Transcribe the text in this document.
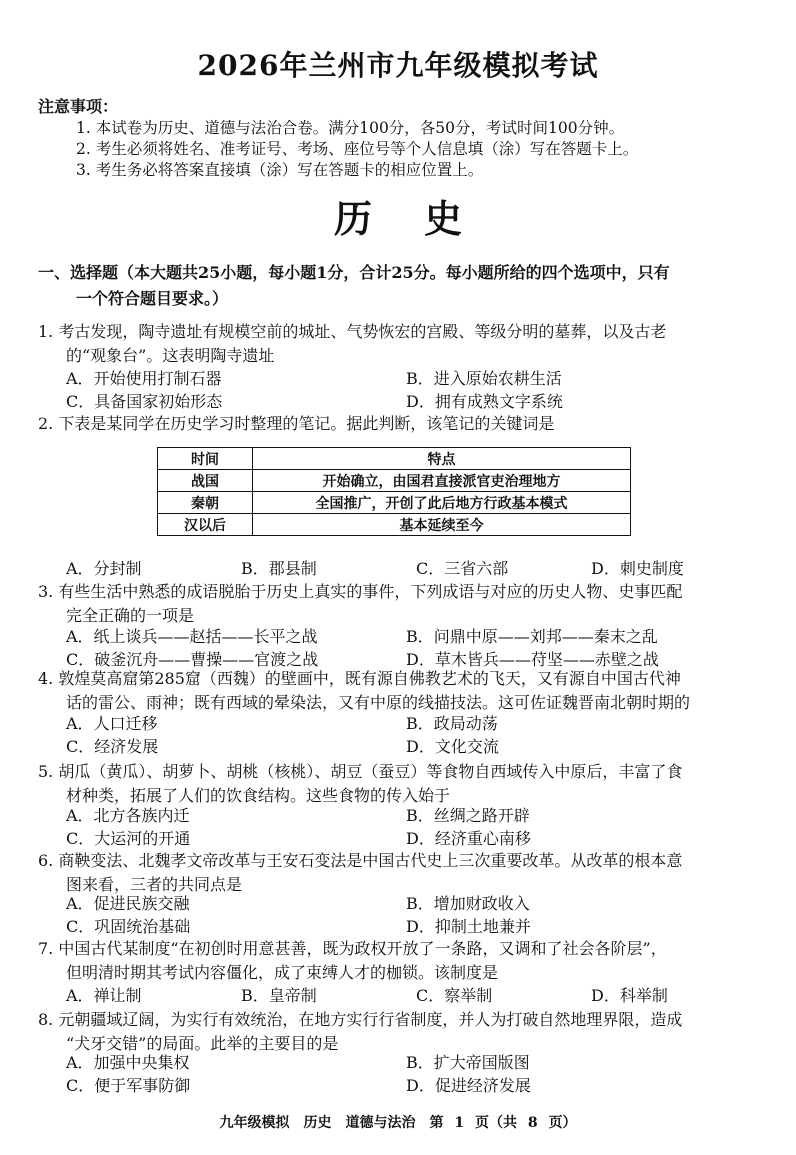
2026年兰州市九年级模拟考试
注意事项：
1. 本试卷为历史、道德与法治合卷。满分100分，各50分，考试时间100分钟。
2. 考生必须将姓名、准考证号、考场、座位号等个人信息填（涂）写在答题卡上。
3. 考生务必将答案直接填（涂）写在答题卡的相应位置上。
历史
一、选择题（本大题共25小题，每小题1分，合计25分。每小题所给的四个选项中，只有
一个符合题目要求。）
1. 考古发现，陶寺遗址有规模空前的城址、气势恢宏的宫殿、等级分明的墓葬，以及古老
的“观象台”。这表明陶寺遗址
A．开始使用打制石器	B．进入原始农耕生活
C．具备国家初始形态	D．拥有成熟文字系统
2. 下表是某同学在历史学习时整理的笔记。据此判断，该笔记的关键词是
时间	特点
战国	开始确立，由国君直接派官吏治理地方
秦朝	全国推广，开创了此后地方行政基本模式
汉以后	基本延续至今
A．分封制	B．郡县制	C．三省六部	D．刺史制度
3. 有些生活中熟悉的成语脱胎于历史上真实的事件，下列成语与对应的历史人物、史事匹配
完全正确的一项是
A．纸上谈兵——赵括——长平之战	B．问鼎中原——刘邦——秦末之乱
C．破釜沉舟——曹操——官渡之战	D．草木皆兵——苻坚——赤壁之战
4. 敦煌莫高窟第285窟（西魏）的壁画中，既有源自佛教艺术的飞天，又有源自中国古代神
话的雷公、雨神；既有西域的晕染法，又有中原的线描技法。这可佐证魏晋南北朝时期的
A．人口迁移	B．政局动荡
C．经济发展	D．文化交流
5. 胡瓜（黄瓜）、胡萝卜、胡桃（核桃）、胡豆（蚕豆）等食物自西域传入中原后，丰富了食
材种类，拓展了人们的饮食结构。这些食物的传入始于
A．北方各族内迁	B．丝绸之路开辟
C．大运河的开通	D．经济重心南移
6. 商鞅变法、北魏孝文帝改革与王安石变法是中国古代史上三次重要改革。从改革的根本意
图来看，三者的共同点是
A．促进民族交融	B．增加财政收入
C．巩固统治基础	D．抑制土地兼并
7. 中国古代某制度“在初创时用意甚善，既为政权开放了一条路，又调和了社会各阶层”，
但明清时期其考试内容僵化，成了束缚人才的枷锁。该制度是
A．禅让制	B．皇帝制	C．察举制	D．科举制
8. 元朝疆域辽阔，为实行有效统治，在地方实行行省制度，并人为打破自然地理界限，造成
“犬牙交错”的局面。此举的主要目的是
A．加强中央集权	B．扩大帝国版图
C．便于军事防御	D．促进经济发展
九年级模拟　历史　道德与法治　第 1 页（共 8 页）
